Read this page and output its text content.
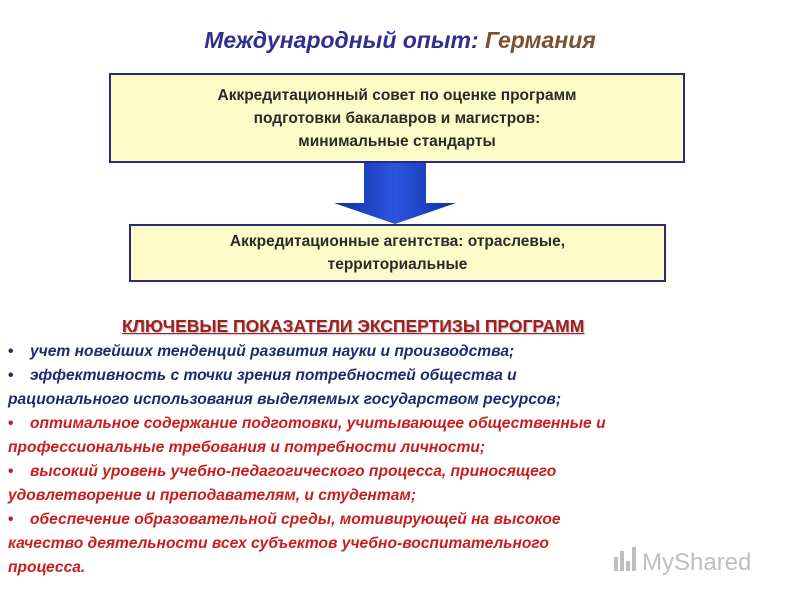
Международный опыт: Германия
Аккредитационный совет по оценке программ
подготовки бакалавров и магистров:
минимальные стандарты
Аккредитационные агентства: отраслевые,
территориальные
КЛЮЧЕВЫЕ ПОКАЗАТЕЛИ ЭКСПЕРТИЗЫ ПРОГРАММ
• учет новейших тенденций развития науки и производства;
• эффективность с точки зрения потребностей общества и
рационального использования выделяемых государством ресурсов;
• оптимальное содержание подготовки, учитывающее общественные и
профессиональные требования и потребности личности;
• высокий уровень учебно-педагогического процесса, приносящего
удовлетворение и преподавателям, и студентам;
• обеспечение образовательной среды, мотивирующей на высокое
качество деятельности всех субъектов учебно-воспитательного
процесса.	MyShared
